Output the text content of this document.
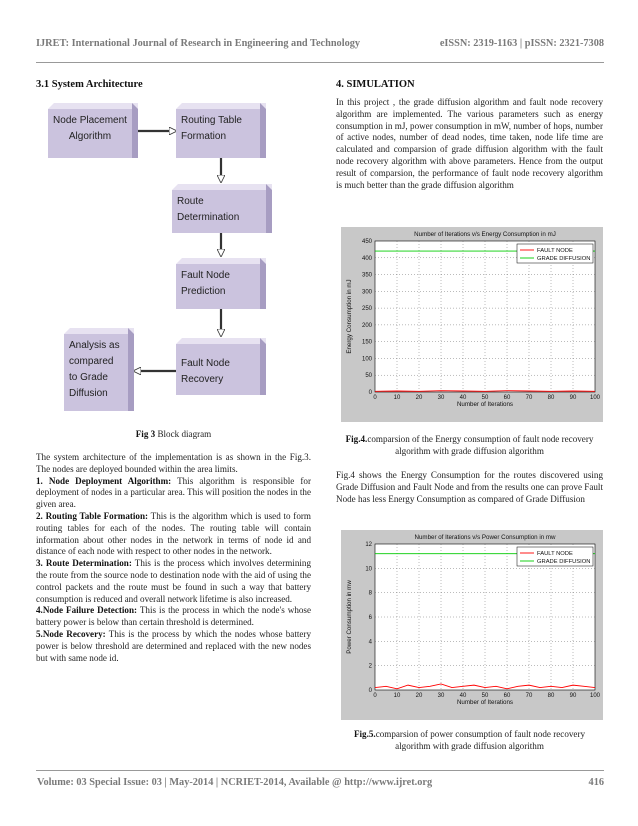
IJRET: International Journal of Research in Engineering and Technology	eISSN: 2319-1163 | pISSN: 2321-7308
3.1 System Architecture
Node Placement Algorithm
Routing Table Formation
Route Determination
Fault Node Prediction
Fault Node Recovery
Analysis as compared to Grade Diffusion
Fig 3 Block diagram

The system architecture of the implementation is as shown in the Fig.3. The nodes are deployed bounded within the area limits.

1. Node Deployment Algorithm: This algorithm is responsible for deployment of nodes in a particular area. This will position the nodes in the given area.

2. Routing Table Formation: This is the algorithm which is used to form routing tables for each of the nodes. The routing table will contain information about other nodes in the network in terms of node id and distance of each node with respect to other nodes in the network.

3. Route Determination: This is the process which involves determining the route from the source node to destination node with the aid of using the control packets and the route must be found in such a way that battery consumption is reduced and overall network lifetime is also increased.

4.Node Failure Detection: This is the process in which the node's whose battery power is below than certain threshold is determined.

5.Node Recovery: This is the process by which the nodes whose battery power is below threshold are determined and replaced with the new nodes but with same node id.

4. SIMULATION
In this project , the grade diffusion algorithm and fault node recovery algorithm are implemented. The various parameters such as energy consumption in mJ, power consumption in mW, number of hops, number of active nodes, number of dead nodes, time taken, node life time are calculated and comparsion of grade diffusion algorithm with the fault node recovery algorithm with above parameters. Hence from the output result of comparsion, the performance of fault node recovery algorithm is much better than the grade diffusion algorithm
0	10	20	30	40	50	60	70	80	90 100
0
50
100
150
200
250
300
350
400
450
Number of Iterations v/s Energy Consumption in mJ
Number of Iterations
Energy Consumption in mJ
FAULT NODE
GRADE DIFFUSION
Fig.4.comparsion of the Energy consumption of fault node recovery algorithm with grade diffusion algorithm
Fig.4 shows the Energy Consumption for the routes discovered using Grade Diffusion and Fault Node and from the results one can prove Fault Node has less Energy Consumption as compared of Grade Diffusion
0	10	20	30	40	50	60	70	80	90 100
0
2
4
6
8
10
12
Number of Iterations v/s Power Consumption in mw
Number of Iterations
Power Consumption in mw
FAULT NODE
GRADE DIFFUSION
Fig.5.comparsion of power consumption of fault node recovery algorithm with grade diffusion algorithm
Volume: 03 Special Issue: 03 | May-2014 | NCRIET-2014, Available @ http://www.ijret.org	416
